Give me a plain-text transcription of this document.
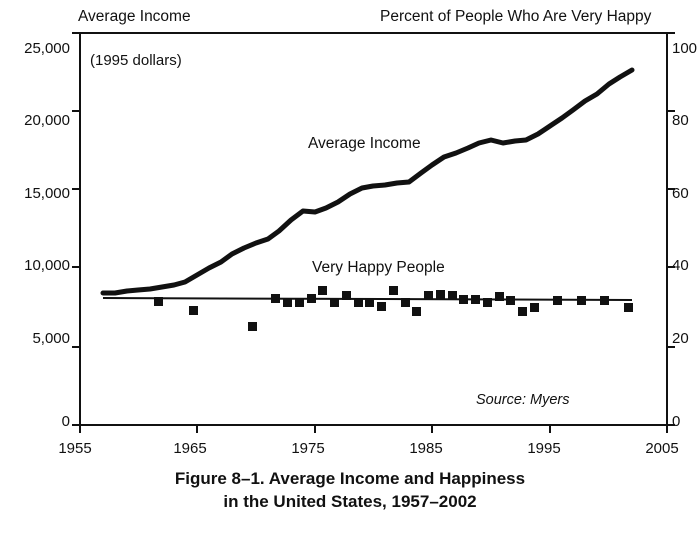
Average Income	Percent of People Who Are Very Happy
25,000
20,000
15,000
10,000
5,000
0
100
80
60
40
20
0
1955	1965	1975	1985	1995	2005
(1995 dollars)
Average Income
Very Happy People
Source: Myers
Figure 8–1. Average Income and Happiness
in the United States, 1957–2002
